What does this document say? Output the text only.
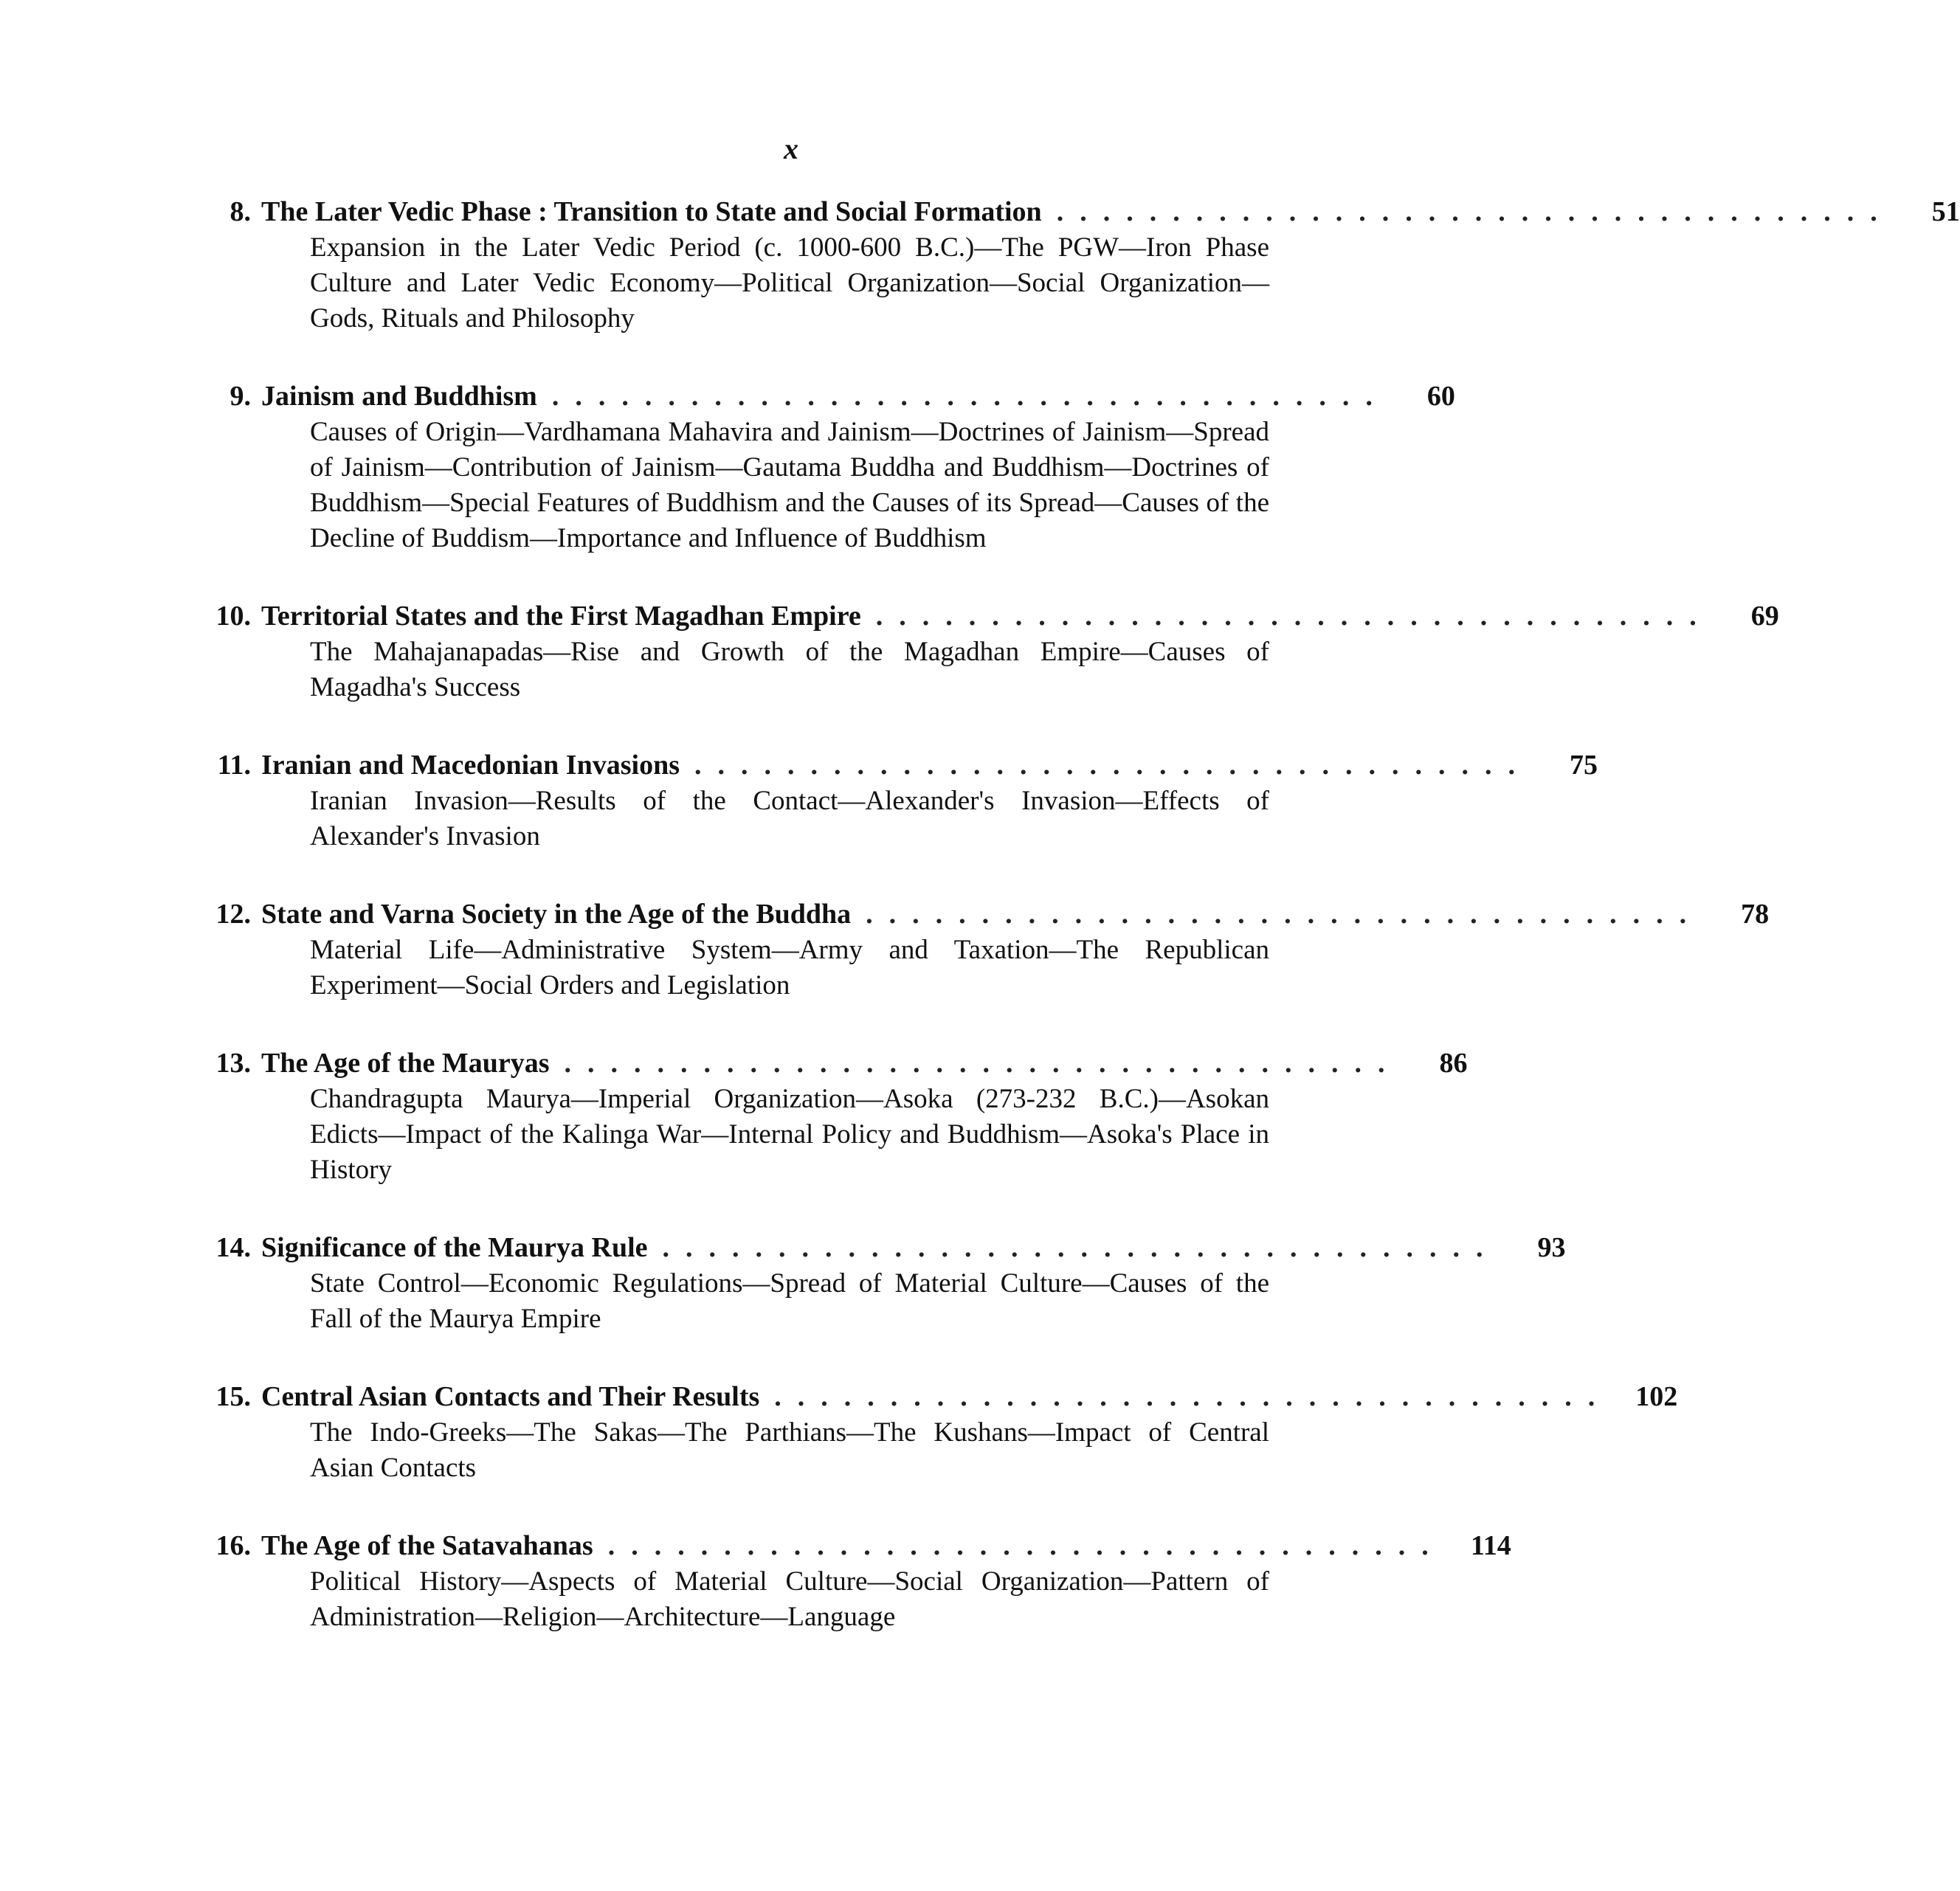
x
8. The Later Vedic Phase : Transition to State and Social Formation ....................................	51
Expansion in the Later Vedic Period (c. 1000-600 B.C.)—The PGW—Iron Phase Culture and Later Vedic Economy—Political Organization—Social Organization—Gods, Rituals and Philosophy
9. Jainism and Buddhism ....................................	60
Causes of Origin—Vardhamana Mahavira and Jainism—Doctrines of Jainism—Spread of Jainism—Contribution of Jainism—Gautama Buddha and Buddhism—Doctrines of Buddhism—Special Features of Buddhism and the Causes of its Spread—Causes of the Decline of Buddism—Importance and Influence of Buddhism
10. Territorial States and the First Magadhan Empire ....................................	69
The Mahajanapadas—Rise and Growth of the Magadhan Empire—Causes of Magadha's Success
11. Iranian and Macedonian Invasions ....................................	75
Iranian Invasion—Results of the Contact—Alexander's Invasion—Effects of Alexander's Invasion
12. State and Varna Society in the Age of the Buddha ....................................	78
Material Life—Administrative System—Army and Taxation—The Republican Experiment—Social Orders and Legislation
13. The Age of the Mauryas ....................................	86
Chandragupta Maurya—Imperial Organization—Asoka (273-232 B.C.)—Asokan Edicts—Impact of the Kalinga War—Internal Policy and Buddhism—Asoka's Place in History
14. Significance of the Maurya Rule ....................................	93
State Control—Economic Regulations—Spread of Material Culture—Causes of the Fall of the Maurya Empire
15. Central Asian Contacts and Their Results .................................... 102
The Indo-Greeks—The Sakas—The Parthians—The Kushans—Impact of Central Asian Contacts
16. The Age of the Satavahanas .................................... 114
Political History—Aspects of Material Culture—Social Organization—Pattern of Administration—Religion—Architecture—Language
